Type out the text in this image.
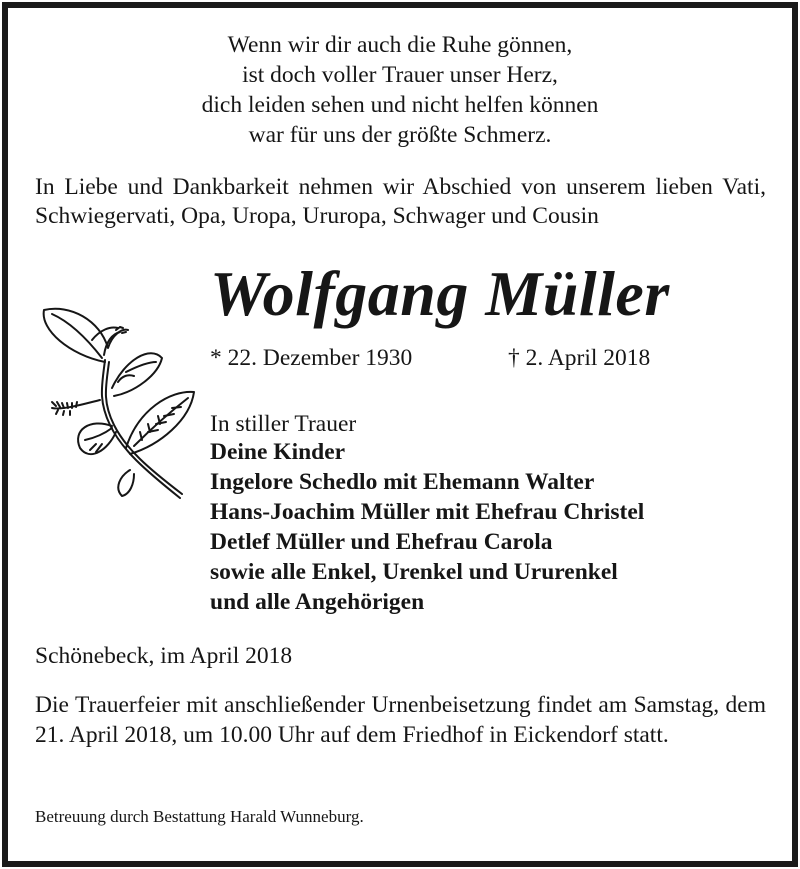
Wenn wir dir auch die Ruhe gönnen,
ist doch voller Trauer unser Herz,
dich leiden sehen und nicht helfen können
war für uns der größte Schmerz.
In Liebe und Dankbarkeit nehmen wir Abschied von unserem lieben Vati, Schwiegervati, Opa, Uropa, Ururopa, Schwager und Cousin
Wolfgang Müller
* 22. Dezember 1930	† 2. April 2018
In stiller Trauer
Deine Kinder
Ingelore Schedlo mit Ehemann Walter
Hans-Joachim Müller mit Ehefrau Christel
Detlef Müller und Ehefrau Carola
sowie alle Enkel, Urenkel und Ururenkel
und alle Angehörigen
Schönebeck, im April 2018
Die Trauerfeier mit anschließender Urnenbeisetzung findet am Samstag, dem 21. April 2018, um 10.00 Uhr auf dem Friedhof in Eickendorf statt.
Betreuung durch Bestattung Harald Wunneburg.
